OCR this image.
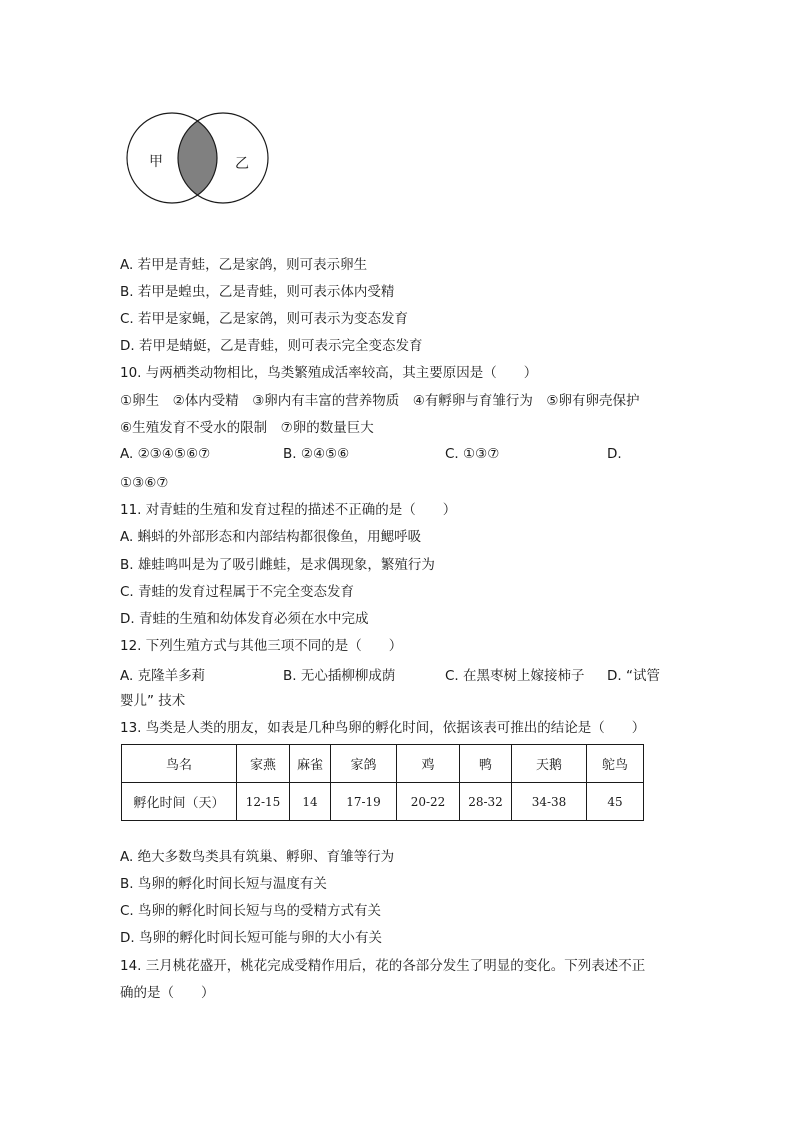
甲	乙
A. 若甲是青蛙，乙是家鸽，则可表示卵生
B. 若甲是蝗虫，乙是青蛙，则可表示体内受精
C. 若甲是家蝇，乙是家鸽，则可表示为变态发育
D. 若甲是蜻蜓，乙是青蛙，则可表示完全变态发育
10. 与两栖类动物相比，鸟类繁殖成活率较高，其主要原因是（　　）
①卵生　②体内受精　③卵内有丰富的营养物质　④有孵卵与育雏行为　⑤卵有卵壳保护
⑥生殖发育不受水的限制　⑦卵的数量巨大
A. ②③④⑤⑥⑦	B. ②④⑤⑥	C. ①③⑦	D.
①③⑥⑦
11. 对青蛙的生殖和发育过程的描述不正确的是（　　）
A. 蝌蚪的外部形态和内部结构都很像鱼，用鳃呼吸
B. 雄蛙鸣叫是为了吸引雌蛙，是求偶现象，繁殖行为
C. 青蛙的发育过程属于不完全变态发育
D. 青蛙的生殖和幼体发育必须在水中完成
12. 下列生殖方式与其他三项不同的是（　　）
A. 克隆羊多莉	B. 无心插柳柳成荫	C. 在黑枣树上嫁接柿子 D. “试管
婴儿” 技术
13. 鸟类是人类的朋友，如表是几种鸟卵的孵化时间，依据该表可推出的结论是（　　）
鸟名	家燕	麻雀	家鸽	鸡	鸭	天鹅	鸵鸟
孵化时间（天）	12-15	14	17-19	20-22	28-32	34-38	45
A. 绝大多数鸟类具有筑巢、孵卵、育雏等行为
B. 鸟卵的孵化时间长短与温度有关
C. 鸟卵的孵化时间长短与鸟的受精方式有关
D. 鸟卵的孵化时间长短可能与卵的大小有关
14. 三月桃花盛开，桃花完成受精作用后，花的各部分发生了明显的变化。下列表述不正
确的是（　　）
